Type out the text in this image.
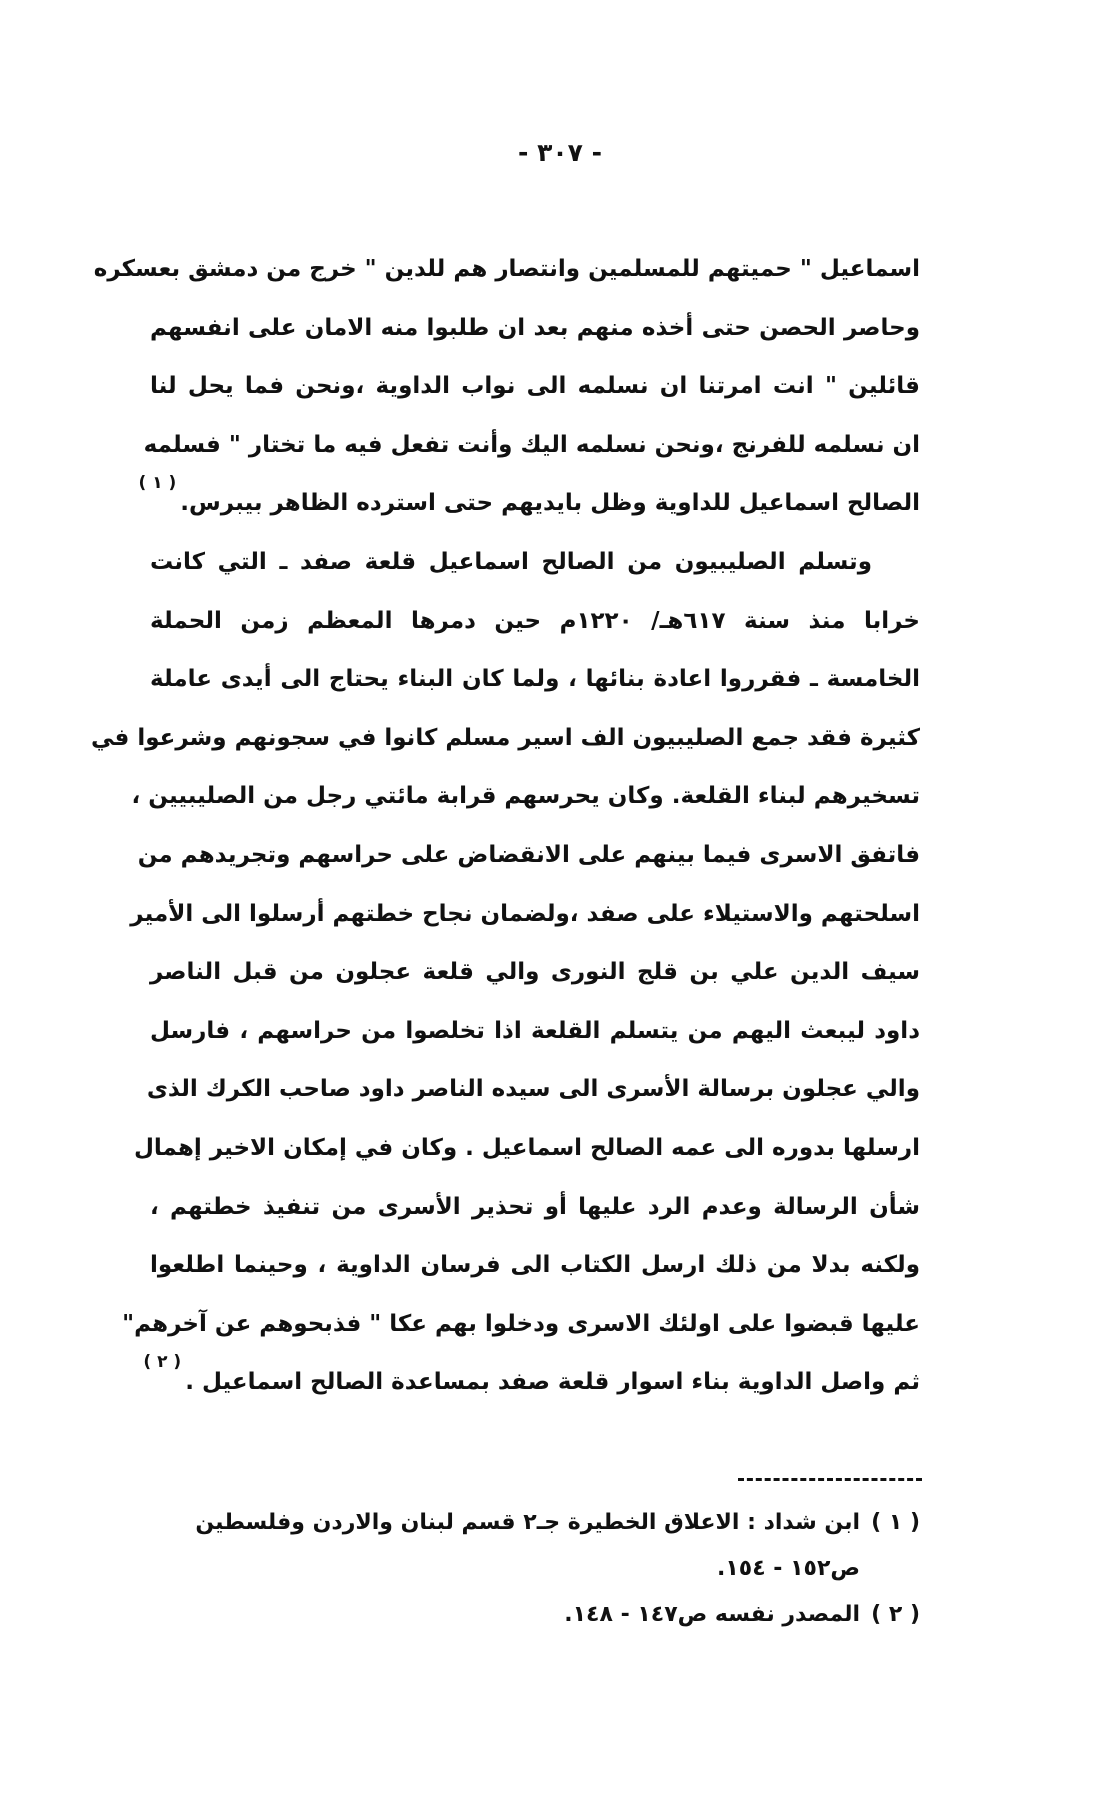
- ٣٠٧ -
اسماعيل " حميتهم للمسلمين وانتصار هم للدين " خرج من دمشق بعسكره
وحاصر الحصن حتى أخذه منهم بعد ان طلبوا منه الامان على انفسهم
قائلين " انت امرتنا ان نسلمه الى نواب الداوية ،ونحن فما يحل لنا
ان نسلمه للفرنج ،ونحن نسلمه اليك وأنت تفعل فيه ما تختار " فسلمه
الصالح اسماعيل للداوية وظل بايديهم حتى استرده الظاهر بيبرس.$^{( ١ )}$
وتسلم الصليبيون من الصالح اسماعيل قلعة صفد ـ التي كانت
خرابا منذ سنة ٦١٧هـ/ ١٢٢٠م حين دمرها المعظم زمن الحملة
الخامسة ـ فقرروا اعادة بنائها ، ولما كان البناء يحتاج الى أيدى عاملة
كثيرة فقد جمع الصليبيون الف اسير مسلم كانوا في سجونهم وشرعوا في
تسخيرهم لبناء القلعة. وكان يحرسهم قرابة مائتي رجل من الصليبيين ،
فاتفق الاسرى فيما بينهم على الانقضاض على حراسهم وتجريدهم من
اسلحتهم والاستيلاء على صفد ،ولضمان نجاح خطتهم أرسلوا الى الأمير
سيف الدين علي بن قلج النورى والي قلعة عجلون من قبل الناصر
داود ليبعث اليهم من يتسلم القلعة اذا تخلصوا من حراسهم ، فارسل
والي عجلون برسالة الأسرى الى سيده الناصر داود صاحب الكرك الذى
ارسلها بدوره الى عمه الصالح اسماعيل . وكان في إمكان الاخير إهمال
شأن الرسالة وعدم الرد عليها أو تحذير الأسرى من تنفيذ خطتهم ،
ولكنه بدلا من ذلك ارسل الكتاب الى فرسان الداوية ، وحينما اطلعوا
عليها قبضوا على اولئك الاسرى ودخلوا بهم عكا " فذبحوهم عن آخرهم"
ثم واصل الداوية بناء اسوار قلعة صفد بمساعدة الصالح اسماعيل .$^{( ٢ )}$
( ١ )
ابن شداد : الاعلاق الخطيرة جـ٢ قسم لبنان والاردن وفلسطين
ص١٥٢ - ١٥٤.
( ٢ )
المصدر نفسه ص١٤٧ - ١٤٨.
